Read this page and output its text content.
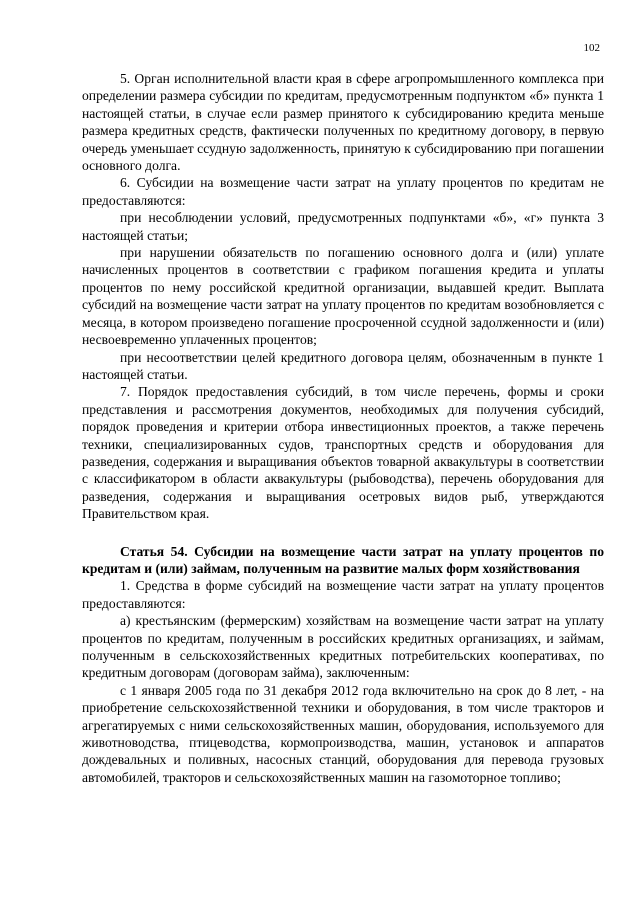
102

5. Орган исполнительной власти края в сфере агропромышленного комплекса при определении размера субсидии по кредитам, предусмотренным подпунктом «б» пункта 1 настоящей статьи, в случае если размер принятого к субсидированию кредита меньше размера кредитных средств, фактически полученных по кредитному договору, в первую очередь уменьшает ссудную задолженность, принятую к субсидированию при погашении основного долга.

6. Субсидии на возмещение части затрат на уплату процентов по кредитам не предоставляются:

при несоблюдении условий, предусмотренных подпунктами «б», «г» пункта 3 настоящей статьи;

при нарушении обязательств по погашению основного долга и (или) уплате начисленных процентов в соответствии с графиком погашения кредита и уплаты процентов по нему российской кредитной организации, выдавшей кредит. Выплата субсидий на возмещение части затрат на уплату процентов по кредитам возобновляется с месяца, в котором произведено погашение просроченной ссудной задолженности и (или) несвоевременно уплаченных процентов;

при несоответствии целей кредитного договора целям, обозначенным в пункте 1 настоящей статьи.

7. Порядок предоставления субсидий, в том числе перечень, формы и сроки представления и рассмотрения документов, необходимых для получения субсидий, порядок проведения и критерии отбора инвестиционных проектов, а также перечень техники, специализированных судов, транспортных средств и оборудования для разведения, содержания и выращивания объектов товарной аквакультуры в соответствии с классификатором в области аквакультуры (рыбоводства), перечень оборудования для разведения, содержания и выращивания осетровых видов рыб, утверждаются Правительством края.

Статья 54. Субсидии на возмещение части затрат на уплату процентов по кредитам и (или) займам, полученным на развитие малых форм хозяйствования

1. Средства в форме субсидий на возмещение части затрат на уплату процентов предоставляются:

а) крестьянским (фермерским) хозяйствам на возмещение части затрат на уплату процентов по кредитам, полученным в российских кредитных организациях, и займам, полученным в сельскохозяйственных кредитных потребительских кооперативах, по кредитным договорам (договорам займа), заключенным:

с 1 января 2005 года по 31 декабря 2012 года включительно на срок до 8 лет, - на приобретение сельскохозяйственной техники и оборудования, в том числе тракторов и агрегатируемых с ними сельскохозяйственных машин, оборудования, используемого для животноводства, птицеводства, кормопроизводства, машин, установок и аппаратов дождевальных и поливных, насосных станций, оборудования для перевода грузовых автомобилей, тракторов и сельскохозяйственных машин на газомоторное топливо;
